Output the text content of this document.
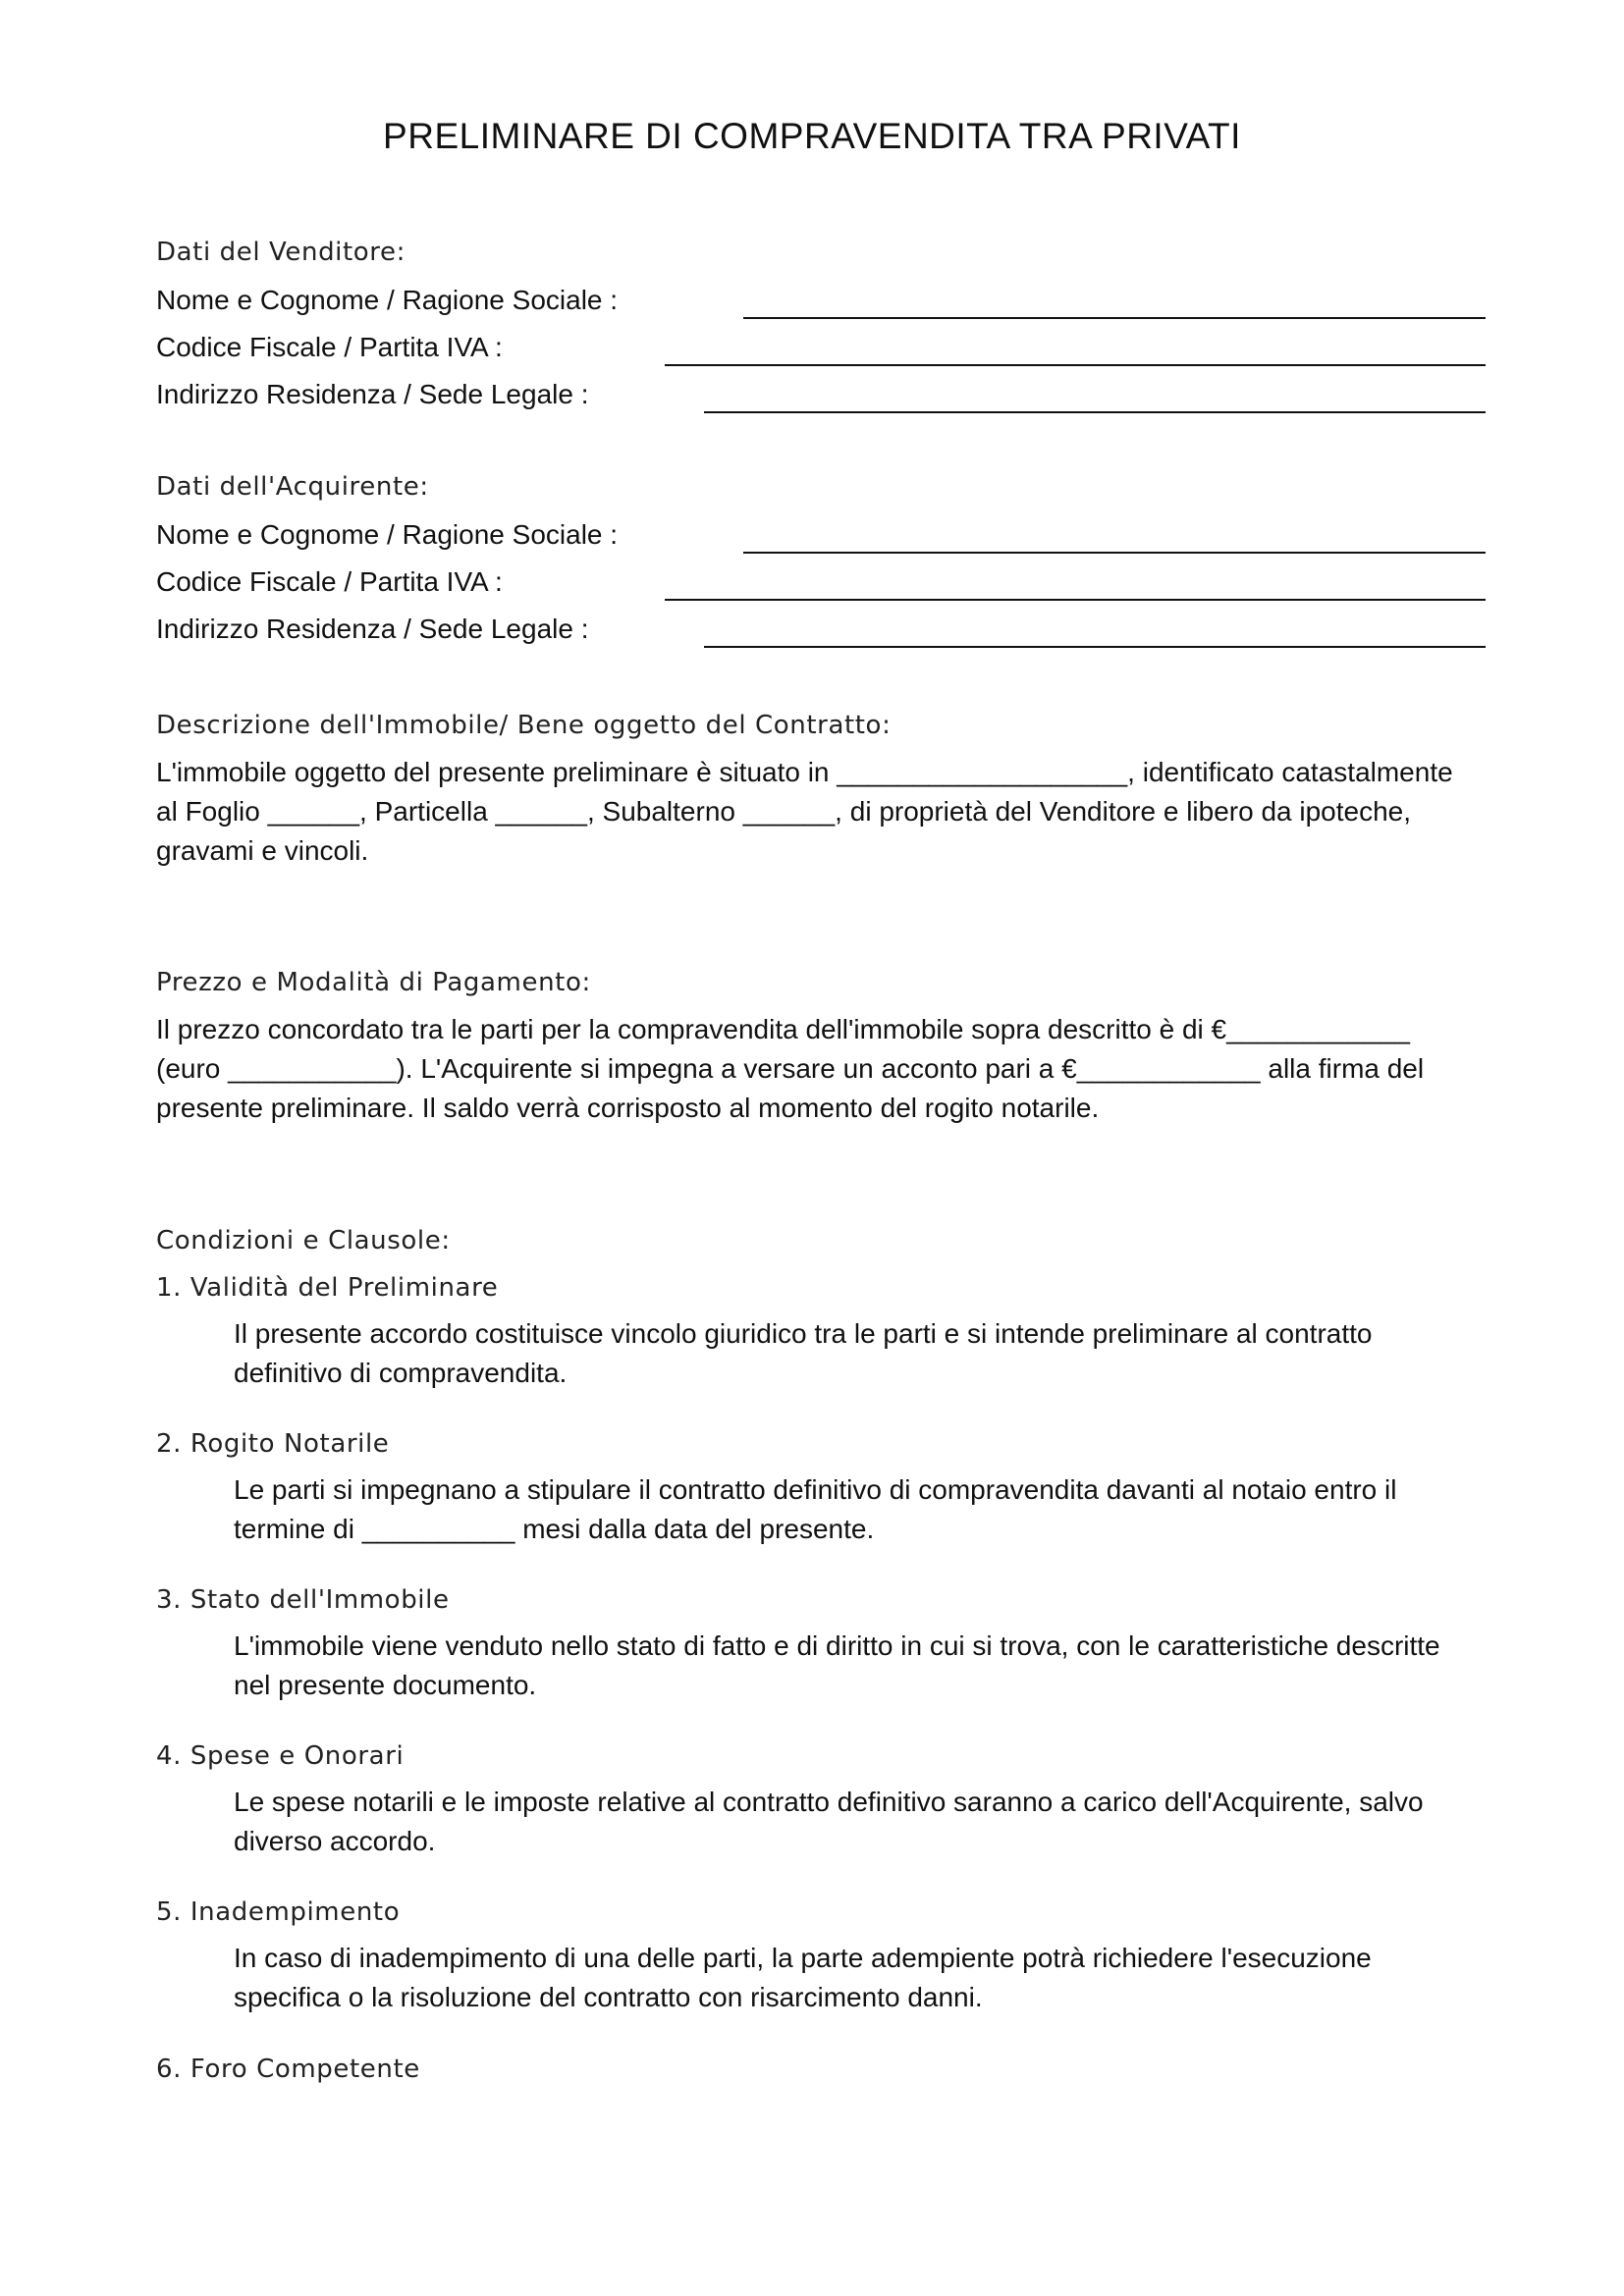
PRELIMINARE DI COMPRAVENDITA TRA PRIVATI
Dati del Venditore:
Nome e Cognome / Ragione Sociale :
Codice Fiscale / Partita IVA :
Indirizzo Residenza / Sede Legale :
Dati dell'Acquirente:
Nome e Cognome / Ragione Sociale :
Codice Fiscale / Partita IVA :
Indirizzo Residenza / Sede Legale :
Descrizione dell'Immobile/ Bene oggetto del Contratto:
L'immobile oggetto del presente preliminare è situato in ___________________, identificato catastalmente
al Foglio ______, Particella ______, Subalterno ______, di proprietà del Venditore e libero da ipoteche,
gravami e vincoli.
Prezzo e Modalità di Pagamento:
Il prezzo concordato tra le parti per la compravendita dell'immobile sopra descritto è di €____________
(euro ___________). L'Acquirente si impegna a versare un acconto pari a €____________ alla firma del
presente preliminare. Il saldo verrà corrisposto al momento del rogito notarile.
Condizioni e Clausole:
1. Validità del Preliminare
Il presente accordo costituisce vincolo giuridico tra le parti e si intende preliminare al contratto
definitivo di compravendita.
2. Rogito Notarile
Le parti si impegnano a stipulare il contratto definitivo di compravendita davanti al notaio entro il
termine di __________ mesi dalla data del presente.
3. Stato dell'Immobile
L'immobile viene venduto nello stato di fatto e di diritto in cui si trova, con le caratteristiche descritte
nel presente documento.
4. Spese e Onorari
Le spese notarili e le imposte relative al contratto definitivo saranno a carico dell'Acquirente, salvo
diverso accordo.
5. Inadempimento
In caso di inadempimento di una delle parti, la parte adempiente potrà richiedere l'esecuzione
specifica o la risoluzione del contratto con risarcimento danni.
6. Foro Competente
